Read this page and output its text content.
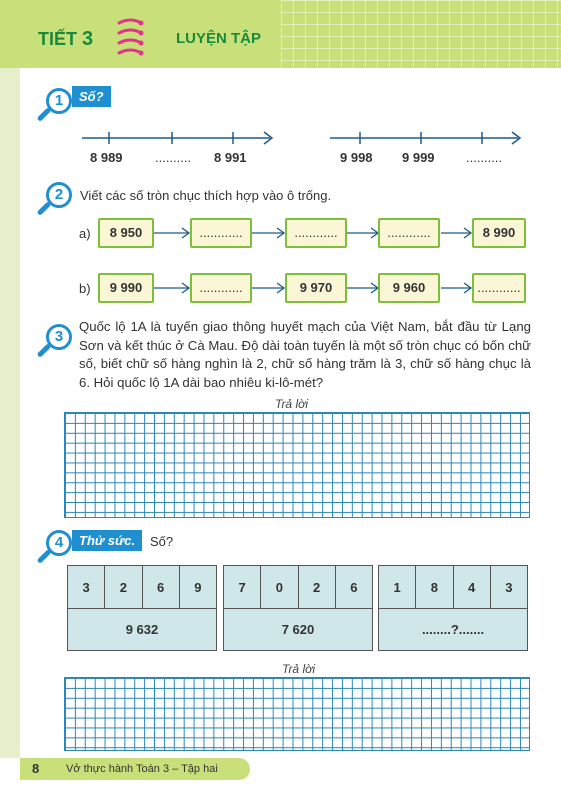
TIẾT 3	LUYỆN TẬP
1	Số?
8 989 .......... 8 991	9 998 9 999 ..........
2	Viết các số tròn chục thích hợp vào ô trống.
a)	8 950	............	............	............	8 990
b)	9 990	............	9 970	9 960	............
3
Quốc lộ 1A là tuyến giao thông huyết mạch của Việt Nam, bắt đầu từ Lạng Sơn và kết thúc ở Cà Mau. Độ dài toàn tuyến là một số tròn chục có bốn chữ số, biết chữ số hàng nghìn là 2, chữ số hàng trăm là 3, chữ số hàng chục là 6. Hỏi quốc lộ 1A dài bao nhiêu ki-lô-mét?
Trả lời
4	Thử sức.	Số?
3	2	6	9
9 632
7	0	2	6
7 620
1	8	4	3
........?.......
Trả lời
8 Vở thực hành Toán 3 – Tập hai
